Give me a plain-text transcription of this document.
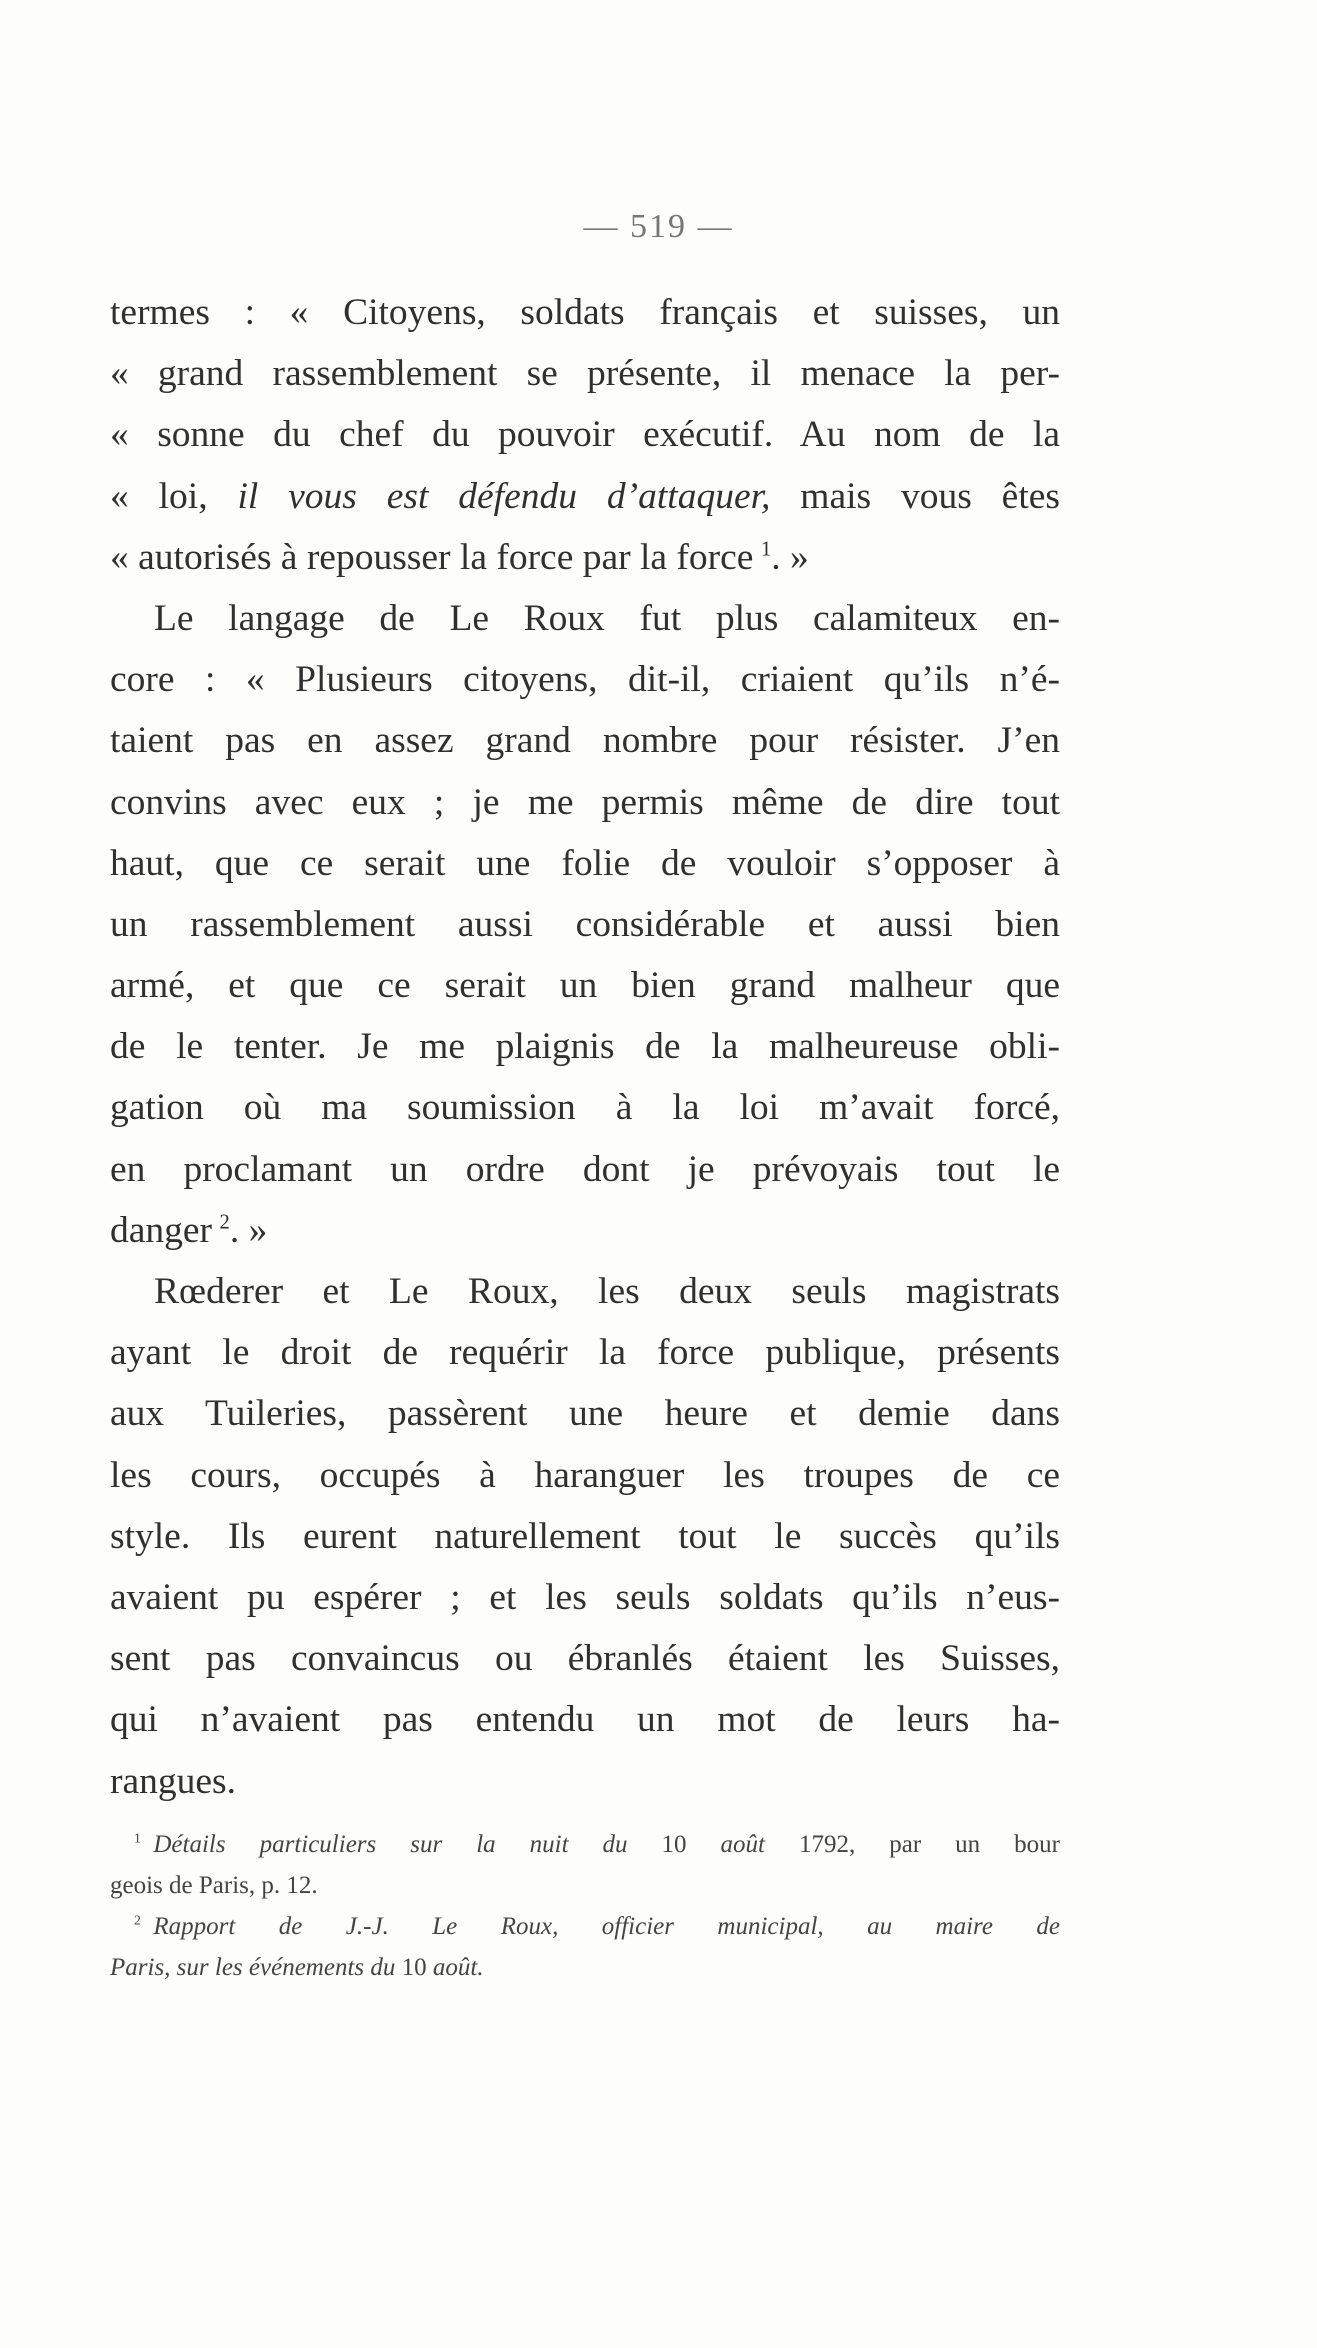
— 519 —
termes : « Citoyens, soldats français et suisses, un
« grand rassemblement se présente, il menace la per-
« sonne du chef du pouvoir exécutif. Au nom de la
« loi, il vous est défendu d’attaquer, mais vous êtes
« autorisés à repousser la force par la force  $^1$. »
Le langage de Le Roux fut plus calamiteux en-
core : « Plusieurs citoyens, dit-il, criaient qu’ils n’é-
taient pas en assez grand nombre pour résister. J’en
convins avec eux ; je me permis même de dire tout
haut, que ce serait une folie de vouloir s’opposer à
un rassemblement aussi considérable et aussi bien
armé, et que ce serait un bien grand malheur que
de le tenter. Je me plaignis de la malheureuse obli-
gation où ma soumission à la loi m’avait forcé,
en proclamant un ordre dont je prévoyais tout le
danger  $^2$. »
Rœderer et Le Roux, les deux seuls magistrats
ayant le droit de requérir la force publique, présents
aux Tuileries, passèrent une heure et demie dans
les cours, occupés à haranguer les troupes de ce
style. Ils eurent naturellement tout le succès qu’ils
avaient pu espérer ; et les seuls soldats qu’ils n’eus-
sent pas convaincus ou ébranlés étaient les Suisses,
qui n’avaient pas entendu un mot de leurs ha-
rangues.
$^1$  Détails particuliers sur la nuit du 10 août 1792, par un bour
geois de Paris, p. 12.
$^2$  Rapport de J.-J. Le Roux, officier municipal, au maire de
Paris, sur les événements du 10 août.
